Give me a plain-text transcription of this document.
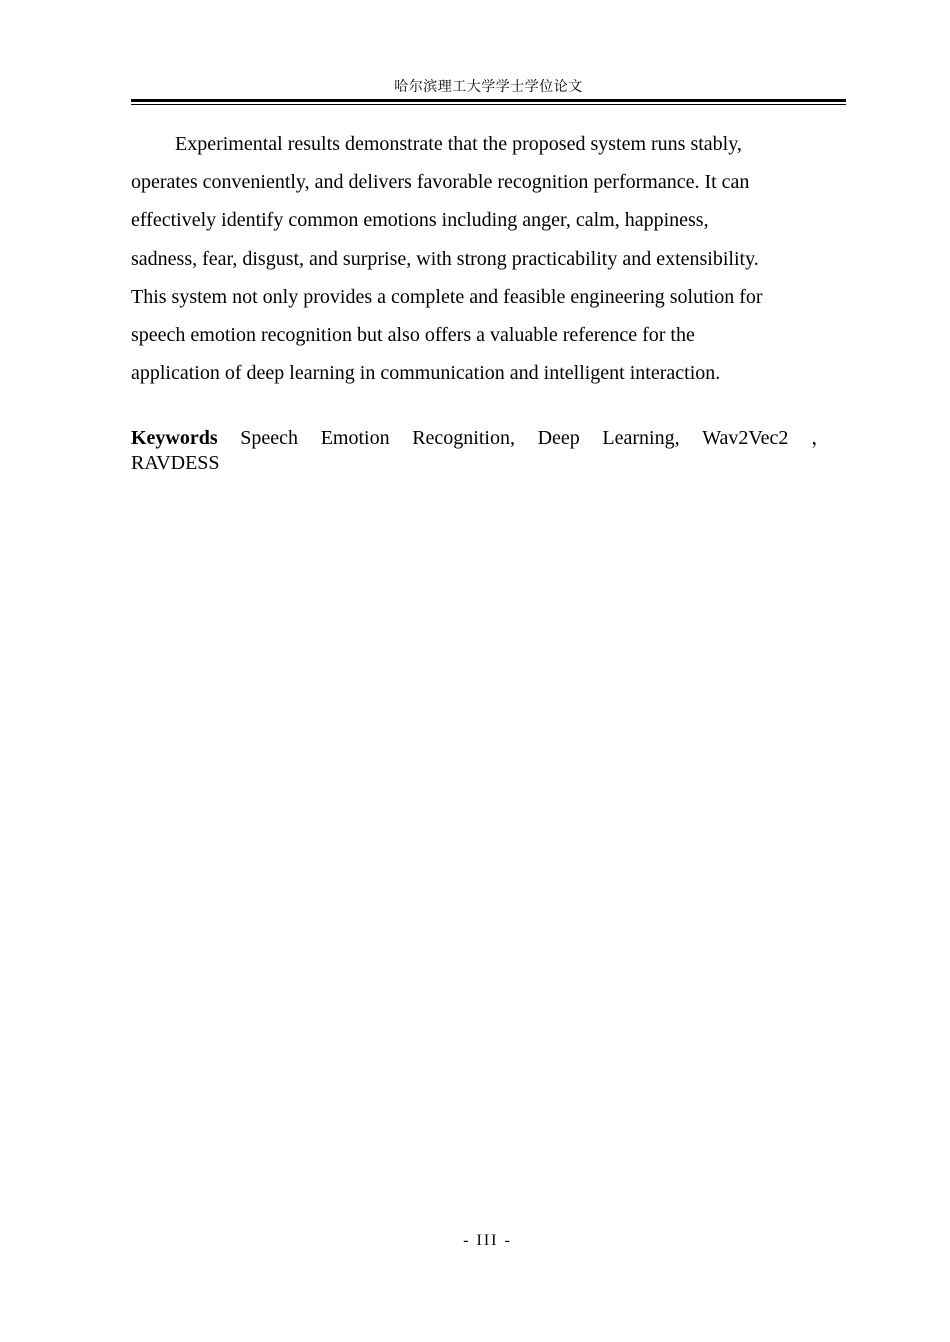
哈尔滨理工大学学士学位论文
Experimental results demonstrate that the proposed system runs stably,
operates conveniently, and delivers favorable recognition performance. It can
effectively identify common emotions including anger, calm, happiness,
sadness, fear, disgust, and surprise, with strong practicability and extensibility.
This system not only provides a complete and feasible engineering solution for
speech emotion recognition but also offers a valuable reference for the
application of deep learning in communication and intelligent interaction.
Keywords Speech Emotion Recognition, Deep Learning, Wav2Vec2 ，
RAVDESS
- III -
